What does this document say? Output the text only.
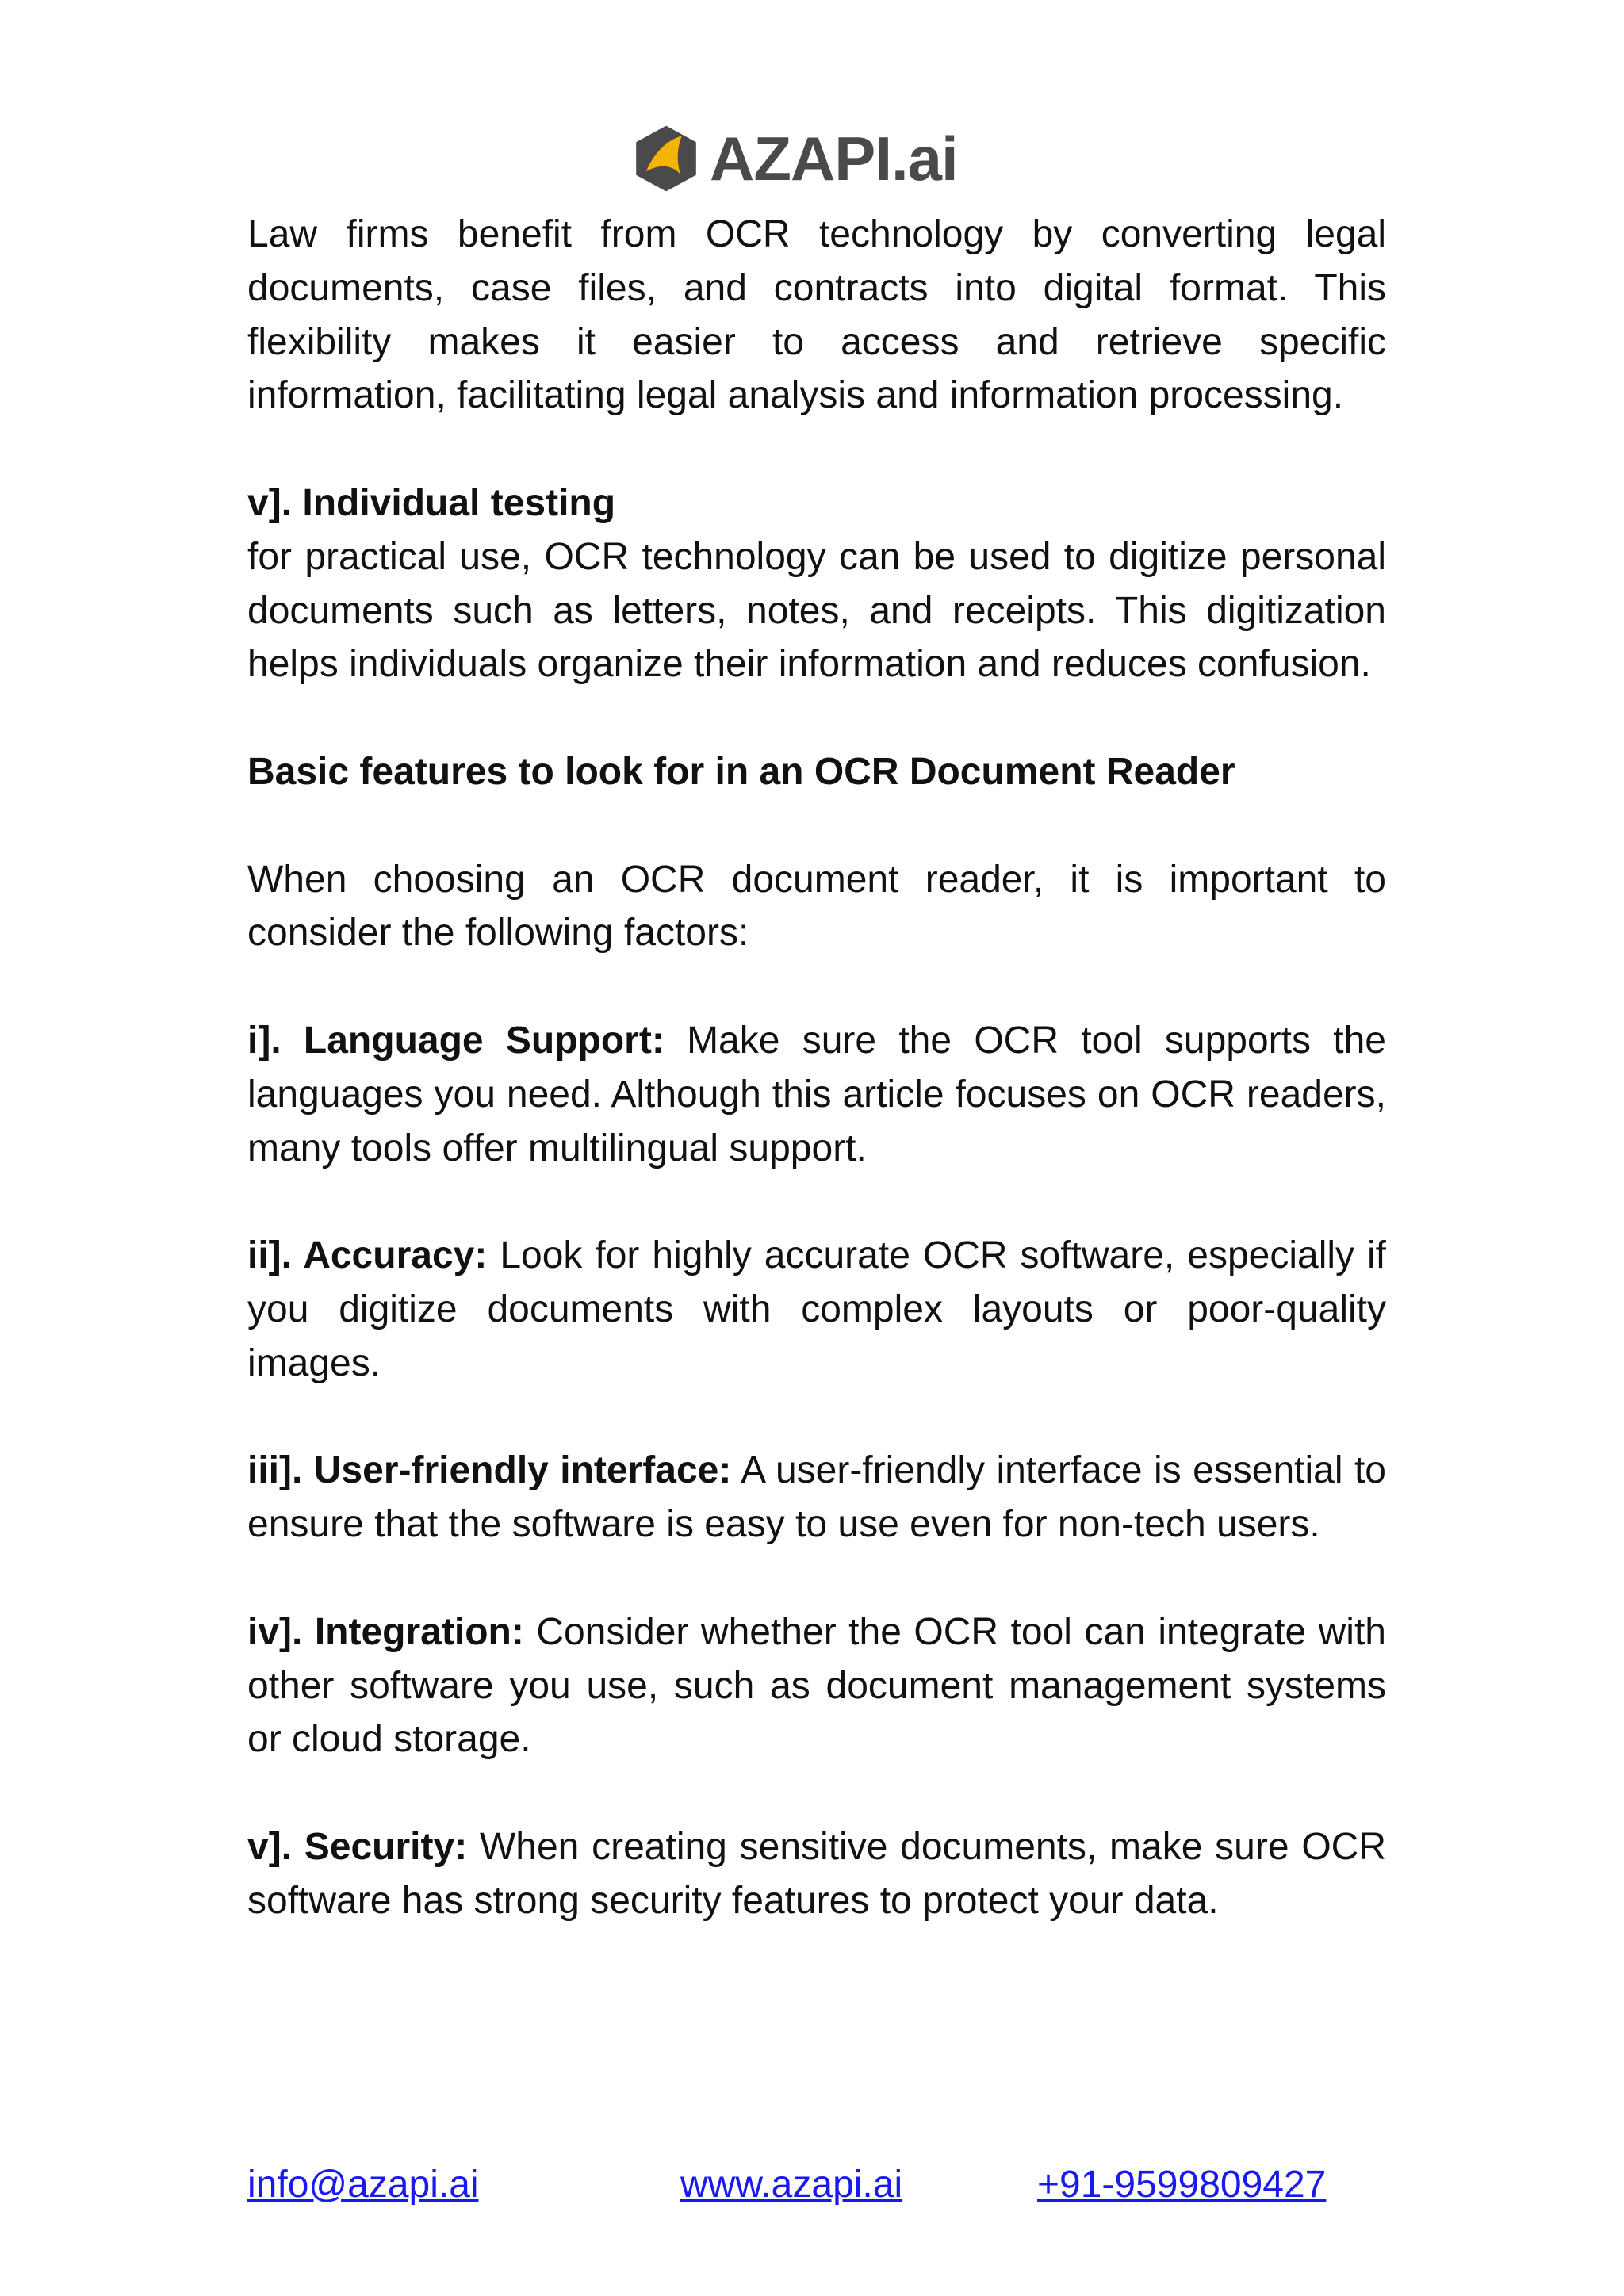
AZAPI.ai

Law firms benefit from OCR technology by converting legal documents, case files, and contracts into digital format. This flexibility makes it easier to access and retrieve specific information, facilitating legal analysis and information processing.

v]. Individual testing

for practical use, OCR technology can be used to digitize personal documents such as letters, notes, and receipts. This digitization helps individuals organize their information and reduces confusion.

Basic features to look for in an OCR Document Reader

When choosing an OCR document reader, it is important to consider the following factors:

i]. Language Support: Make sure the OCR tool supports the languages you need. Although this article focuses on OCR readers, many tools offer multilingual support.

ii]. Accuracy: Look for highly accurate OCR software, especially if you digitize documents with complex layouts or poor-quality images.

iii]. User-friendly interface: A user-friendly interface is essential to ensure that the software is easy to use even for non-tech users.

iv]. Integration: Consider whether the OCR tool can integrate with other software you use, such as document management systems or cloud storage.

v]. Security: When creating sensitive documents, make sure OCR software has strong security features to protect your data.

info@azapi.ai	www.azapi.ai	+91-9599809427
